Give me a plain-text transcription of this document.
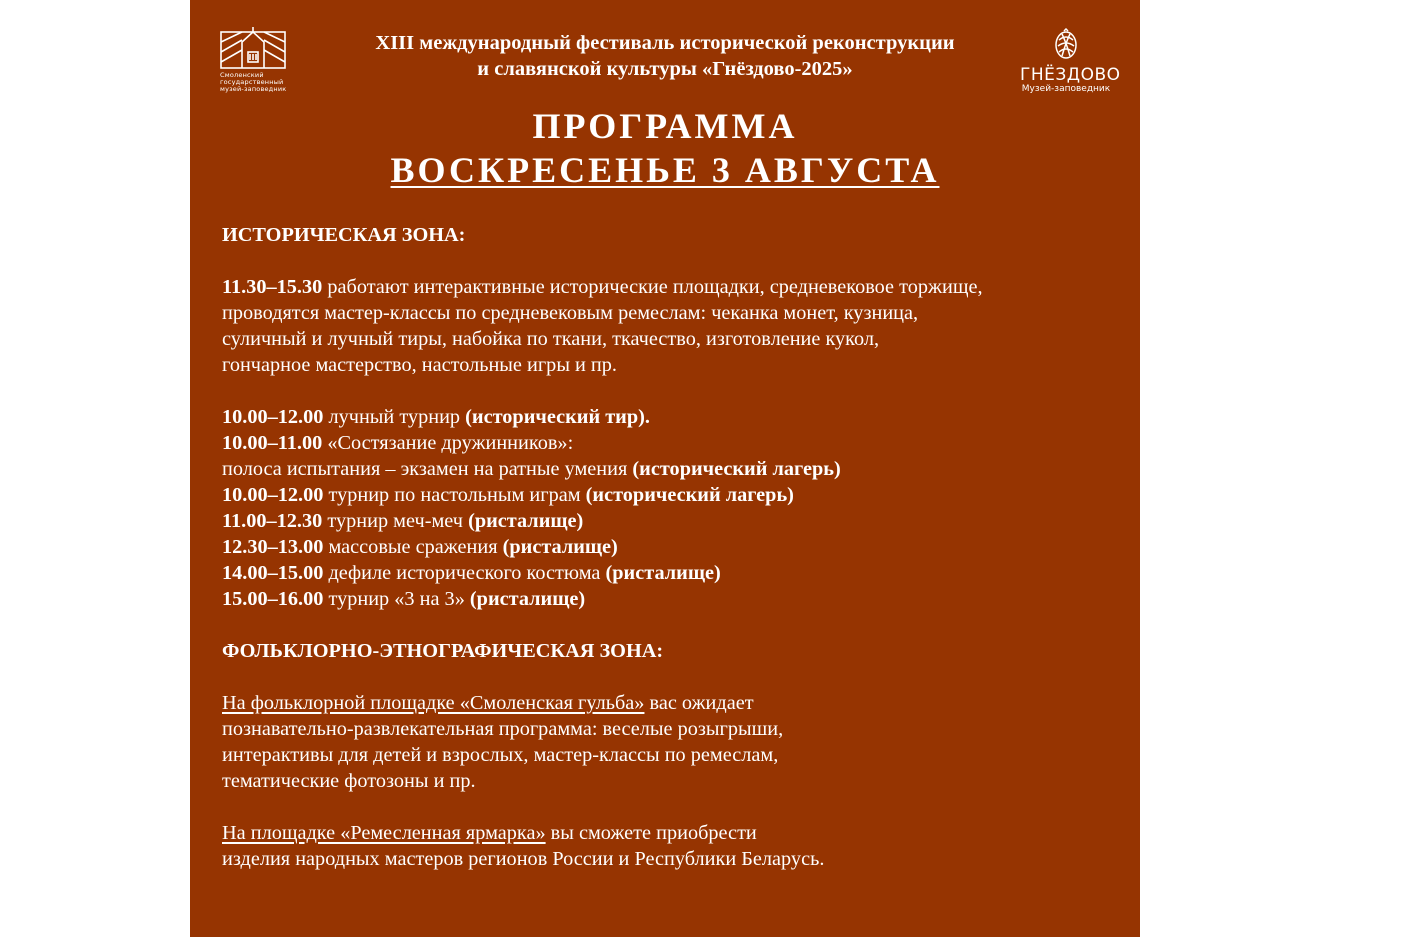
Смоленский
государственный
музей-заповедник
XIII международный фестиваль исторической реконструкции
и славянской культуры «Гнёздово-2025»	ГНЁЗДОВО
Музей-заповедник
ПРОГРАММА
ВОСКРЕСЕНЬЕ 3 АВГУСТА

ИСТОРИЧЕСКАЯ ЗОНА:

11.30–15.30 работают интерактивные исторические площадки, средневековое торжище,

проводятся мастер-классы по средневековым ремеслам: чеканка монет, кузница,

суличный и лучный тиры, набойка по ткани, ткачество, изготовление кукол,

гончарное мастерство, настольные игры и пр.

10.00–12.00 лучный турнир (исторический тир).

10.00–11.00 «Состязание дружинников»:

полоса испытания – экзамен на ратные умения (исторический лагерь)

10.00–12.00 турнир по настольным играм (исторический лагерь)

11.00–12.30 турнир меч-меч (ристалище)

12.30–13.00 массовые сражения (ристалище)

14.00–15.00 дефиле исторического костюма (ристалище)

15.00–16.00 турнир «3 на 3» (ристалище)

ФОЛЬКЛОРНО-ЭТНОГРАФИЧЕСКАЯ ЗОНА:

На фольклорной площадке «Смоленская гульба» вас ожидает

познавательно-развлекательная программа: веселые розыгрыши,

интерактивы для детей и взрослых, мастер-классы по ремеслам,

тематические фотозоны и пр.

На площадке «Ремесленная ярмарка» вы сможете приобрести

изделия народных мастеров регионов России и Республики Беларусь.
